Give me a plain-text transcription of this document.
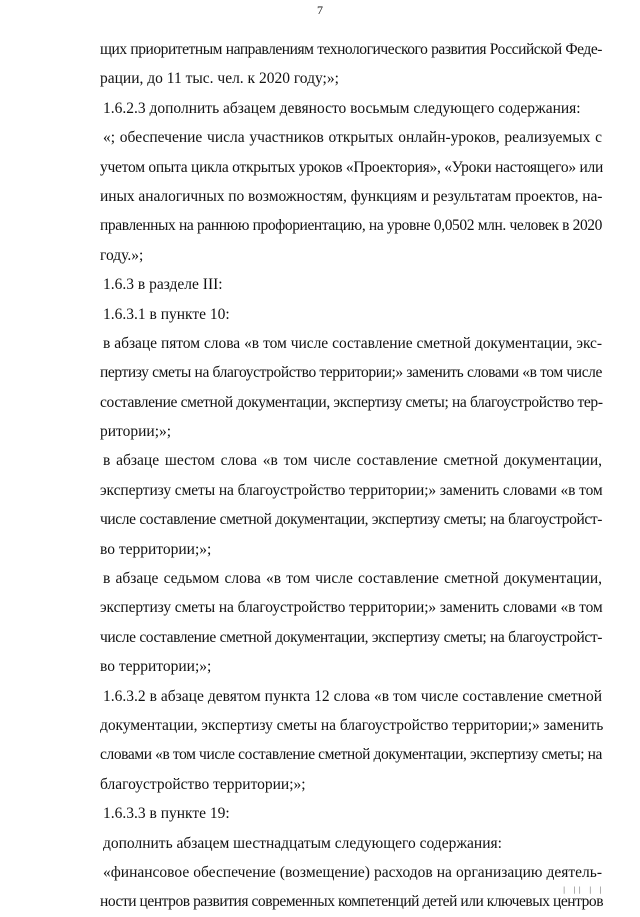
7
щих приоритетным направлениям технологического развития Российской Феде-
рации, до 11 тыс. чел. к 2020 году;»;
1.6.2.3 дополнить абзацем девяносто восьмым следующего содержания:
«; обеспечение числа участников открытых онлайн-уроков, реализуемых с
учетом опыта цикла открытых уроков «Проектория», «Уроки настоящего» или
иных аналогичных по возможностям, функциям и результатам проектов, на-
правленных на раннюю профориентацию, на уровне 0,0502 млн. человек в 2020
году.»;
1.6.3 в разделе III:
1.6.3.1 в пункте 10:
в абзаце пятом слова «в том числе составление сметной документации, экс-
пертизу сметы на благоустройство территории;» заменить словами «в том числе
составление сметной документации, экспертизу сметы; на благоустройство тер-
ритории;»;
в абзаце шестом слова «в том числе составление сметной документации,
экспертизу сметы на благоустройство территории;» заменить словами «в том
числе составление сметной документации, экспертизу сметы; на благоустройст-
во территории;»;
в абзаце седьмом слова «в том числе составление сметной документации,
экспертизу сметы на благоустройство территории;» заменить словами «в том
числе составление сметной документации, экспертизу сметы; на благоустройст-
во территории;»;
1.6.3.2 в абзаце девятом пункта 12 слова «в том числе составление сметной
документации, экспертизу сметы на благоустройство территории;» заменить
словами «в том числе составление сметной документации, экспертизу сметы; на
благоустройство территории;»;
1.6.3.3 в пункте 19:
дополнить абзацем шестнадцатым следующего содержания:
«финансовое обеспечение (возмещение) расходов на организацию деятель-
ности центров развития современных компетенций детей или ключевых центров
| || | |
